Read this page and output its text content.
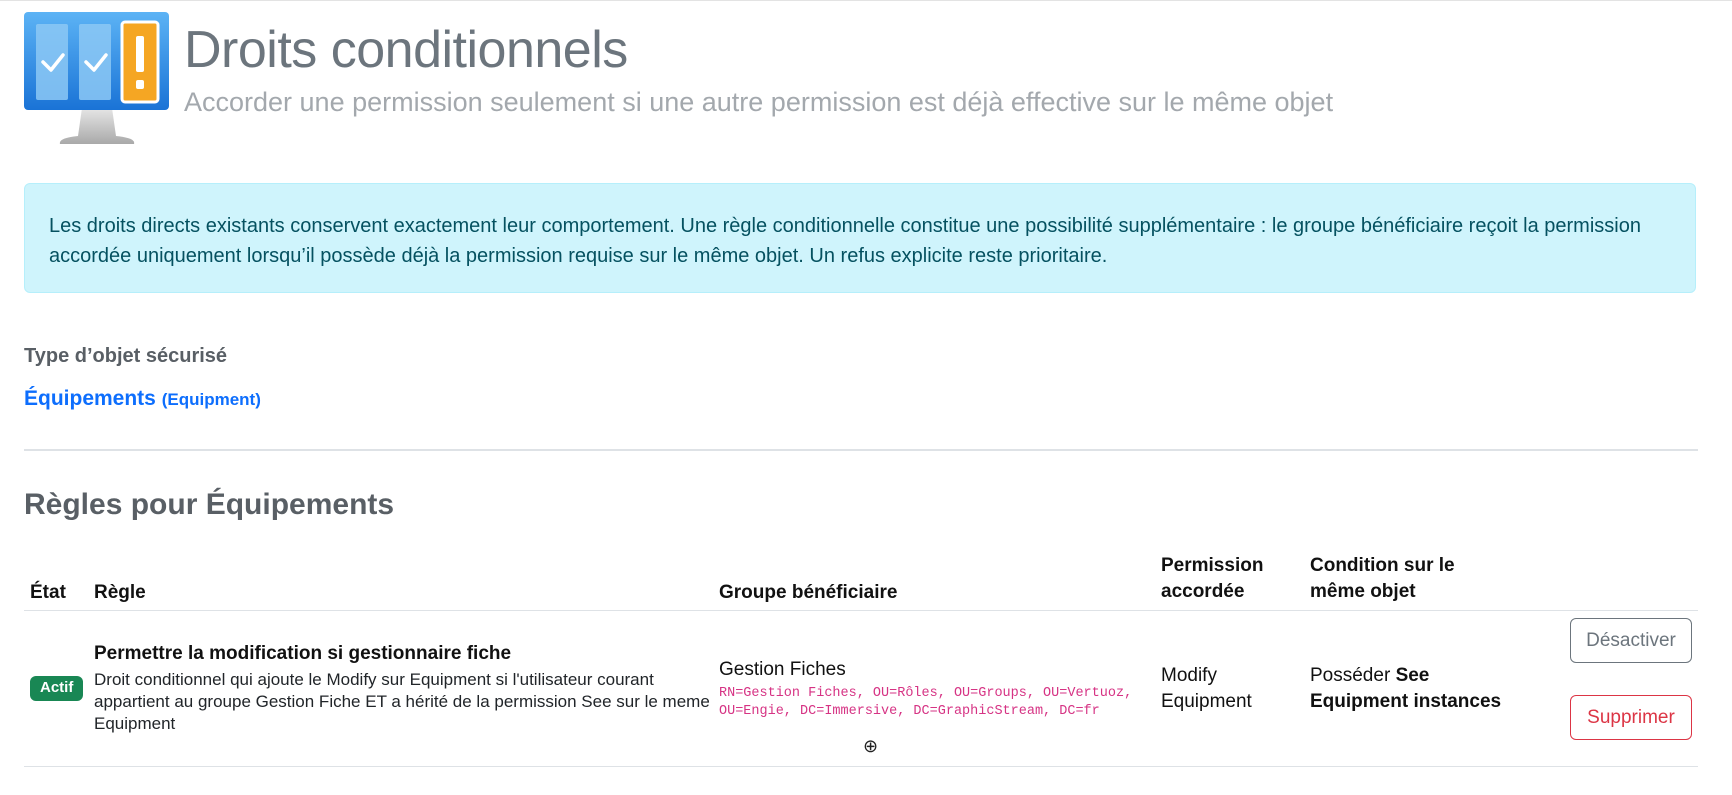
Droits conditionnels
Accorder une permission seulement si une autre permission est déjà effective sur le même objet
Les droits directs existants conservent exactement leur comportement. Une règle conditionnelle constitue une possibilité supplémentaire : le groupe bénéficiaire reçoit la permission accordée uniquement lorsqu’il possède déjà la permission requise sur le même objet. Un refus explicite reste prioritaire.
Type d’objet sécurisé
Équipements (Equipment)
Règles pour Équipements
État Règle	Groupe bénéficiaire
Permission
accordée
Condition sur le
même objet
Actif
Permettre la modification si gestionnaire fiche
Droit conditionnel qui ajoute le Modify sur Equipment si l'utilisateur courant appartient au groupe Gestion Fiche ET a hérité de la permission See sur le meme Equipment
Gestion Fiches
RN=Gestion Fiches, OU=Rôles, OU=Groups, OU=Vertuoz, OU=Engie, DC=Immersive, DC=GraphicStream, DC=fr
Modify
Equipment
Posséder See Equipment instances
Désactiver
Supprimer
⊕
